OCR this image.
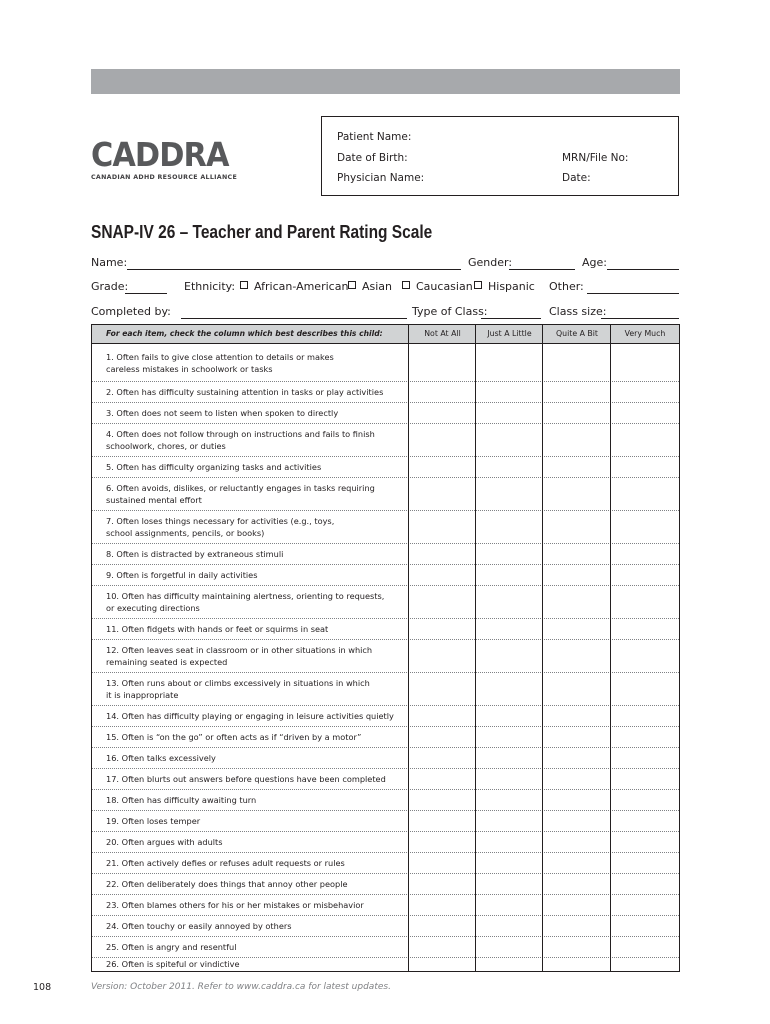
CADDRA
CANADIAN ADHD RESOURCE ALLIANCE
Patient Name:
Date of Birth:	MRN/File No:
Physician Name:	Date:
SNAP-IV 26 – Teacher and Parent Rating Scale
Name:	Gender:	Age:
Grade:	Ethnicity:	African-American	Asian	Caucasian	Hispanic Other:
Completed by:	Type of Class:	Class size:
For each item, check the column which best describes this child:	Not At All	Just A Little	Quite A Bit	Very Much
1. Often fails to give close attention to details or makes
careless mistakes in schoolwork or tasks
2. Often has difficulty sustaining attention in tasks or play activities
3. Often does not seem to listen when spoken to directly
4. Often does not follow through on instructions and fails to finish
schoolwork, chores, or duties
5. Often has difficulty organizing tasks and activities
6. Often avoids, dislikes, or reluctantly engages in tasks requiring
sustained mental effort
7. Often loses things necessary for activities (e.g., toys,
school assignments, pencils, or books)
8. Often is distracted by extraneous stimuli
9. Often is forgetful in daily activities
10. Often has difficulty maintaining alertness, orienting to requests,
or executing directions
11. Often fidgets with hands or feet or squirms in seat
12. Often leaves seat in classroom or in other situations in which
remaining seated is expected
13. Often runs about or climbs excessively in situations in which
it is inappropriate
14. Often has difficulty playing or engaging in leisure activities quietly
15. Often is “on the go” or often acts as if “driven by a motor”
16. Often talks excessively
17. Often blurts out answers before questions have been completed
18. Often has difficulty awaiting turn
19. Often loses temper
20. Often argues with adults
21. Often actively defies or refuses adult requests or rules
22. Often deliberately does things that annoy other people
23. Often blames others for his or her mistakes or misbehavior
24. Often touchy or easily annoyed by others
25. Often is angry and resentful
26. Often is spiteful or vindictive
108	Version: October 2011. Refer to www.caddra.ca for latest updates.
